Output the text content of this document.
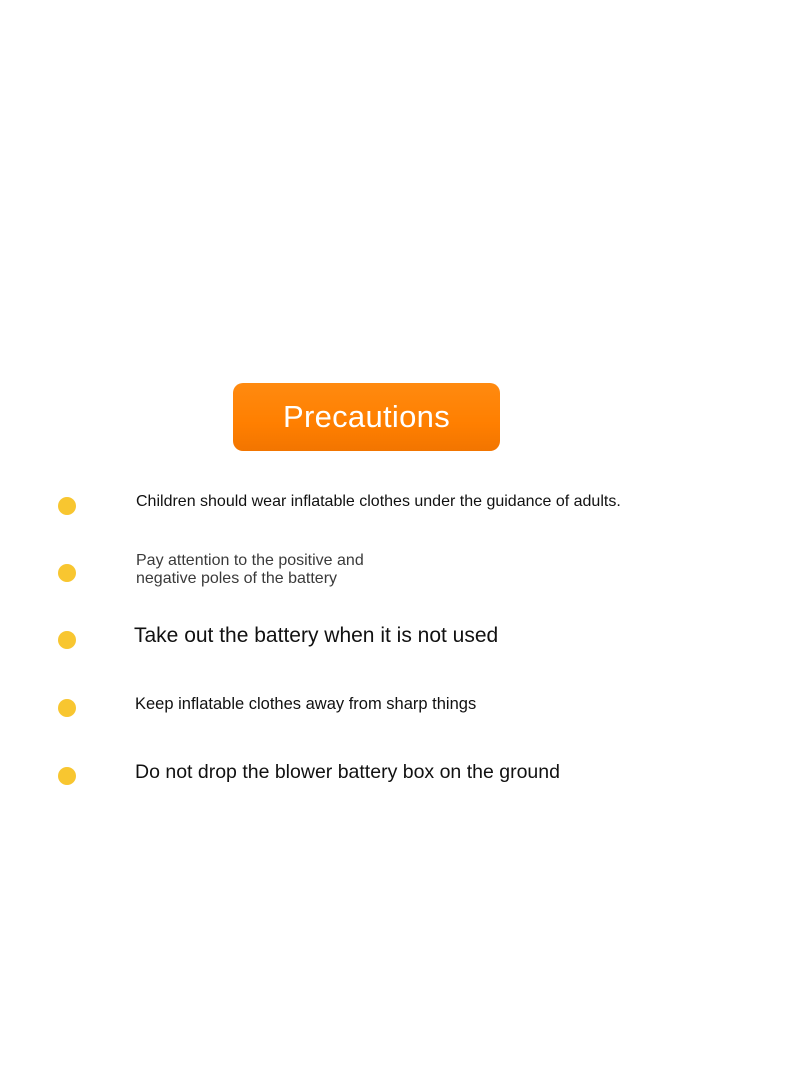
Precautions
Children should wear inflatable clothes under the guidance of adults.
Pay attention to the positive and
negative poles of the battery
Take out the battery when it is not used
Keep inflatable clothes away from sharp things
Do not drop the blower battery box on the ground
